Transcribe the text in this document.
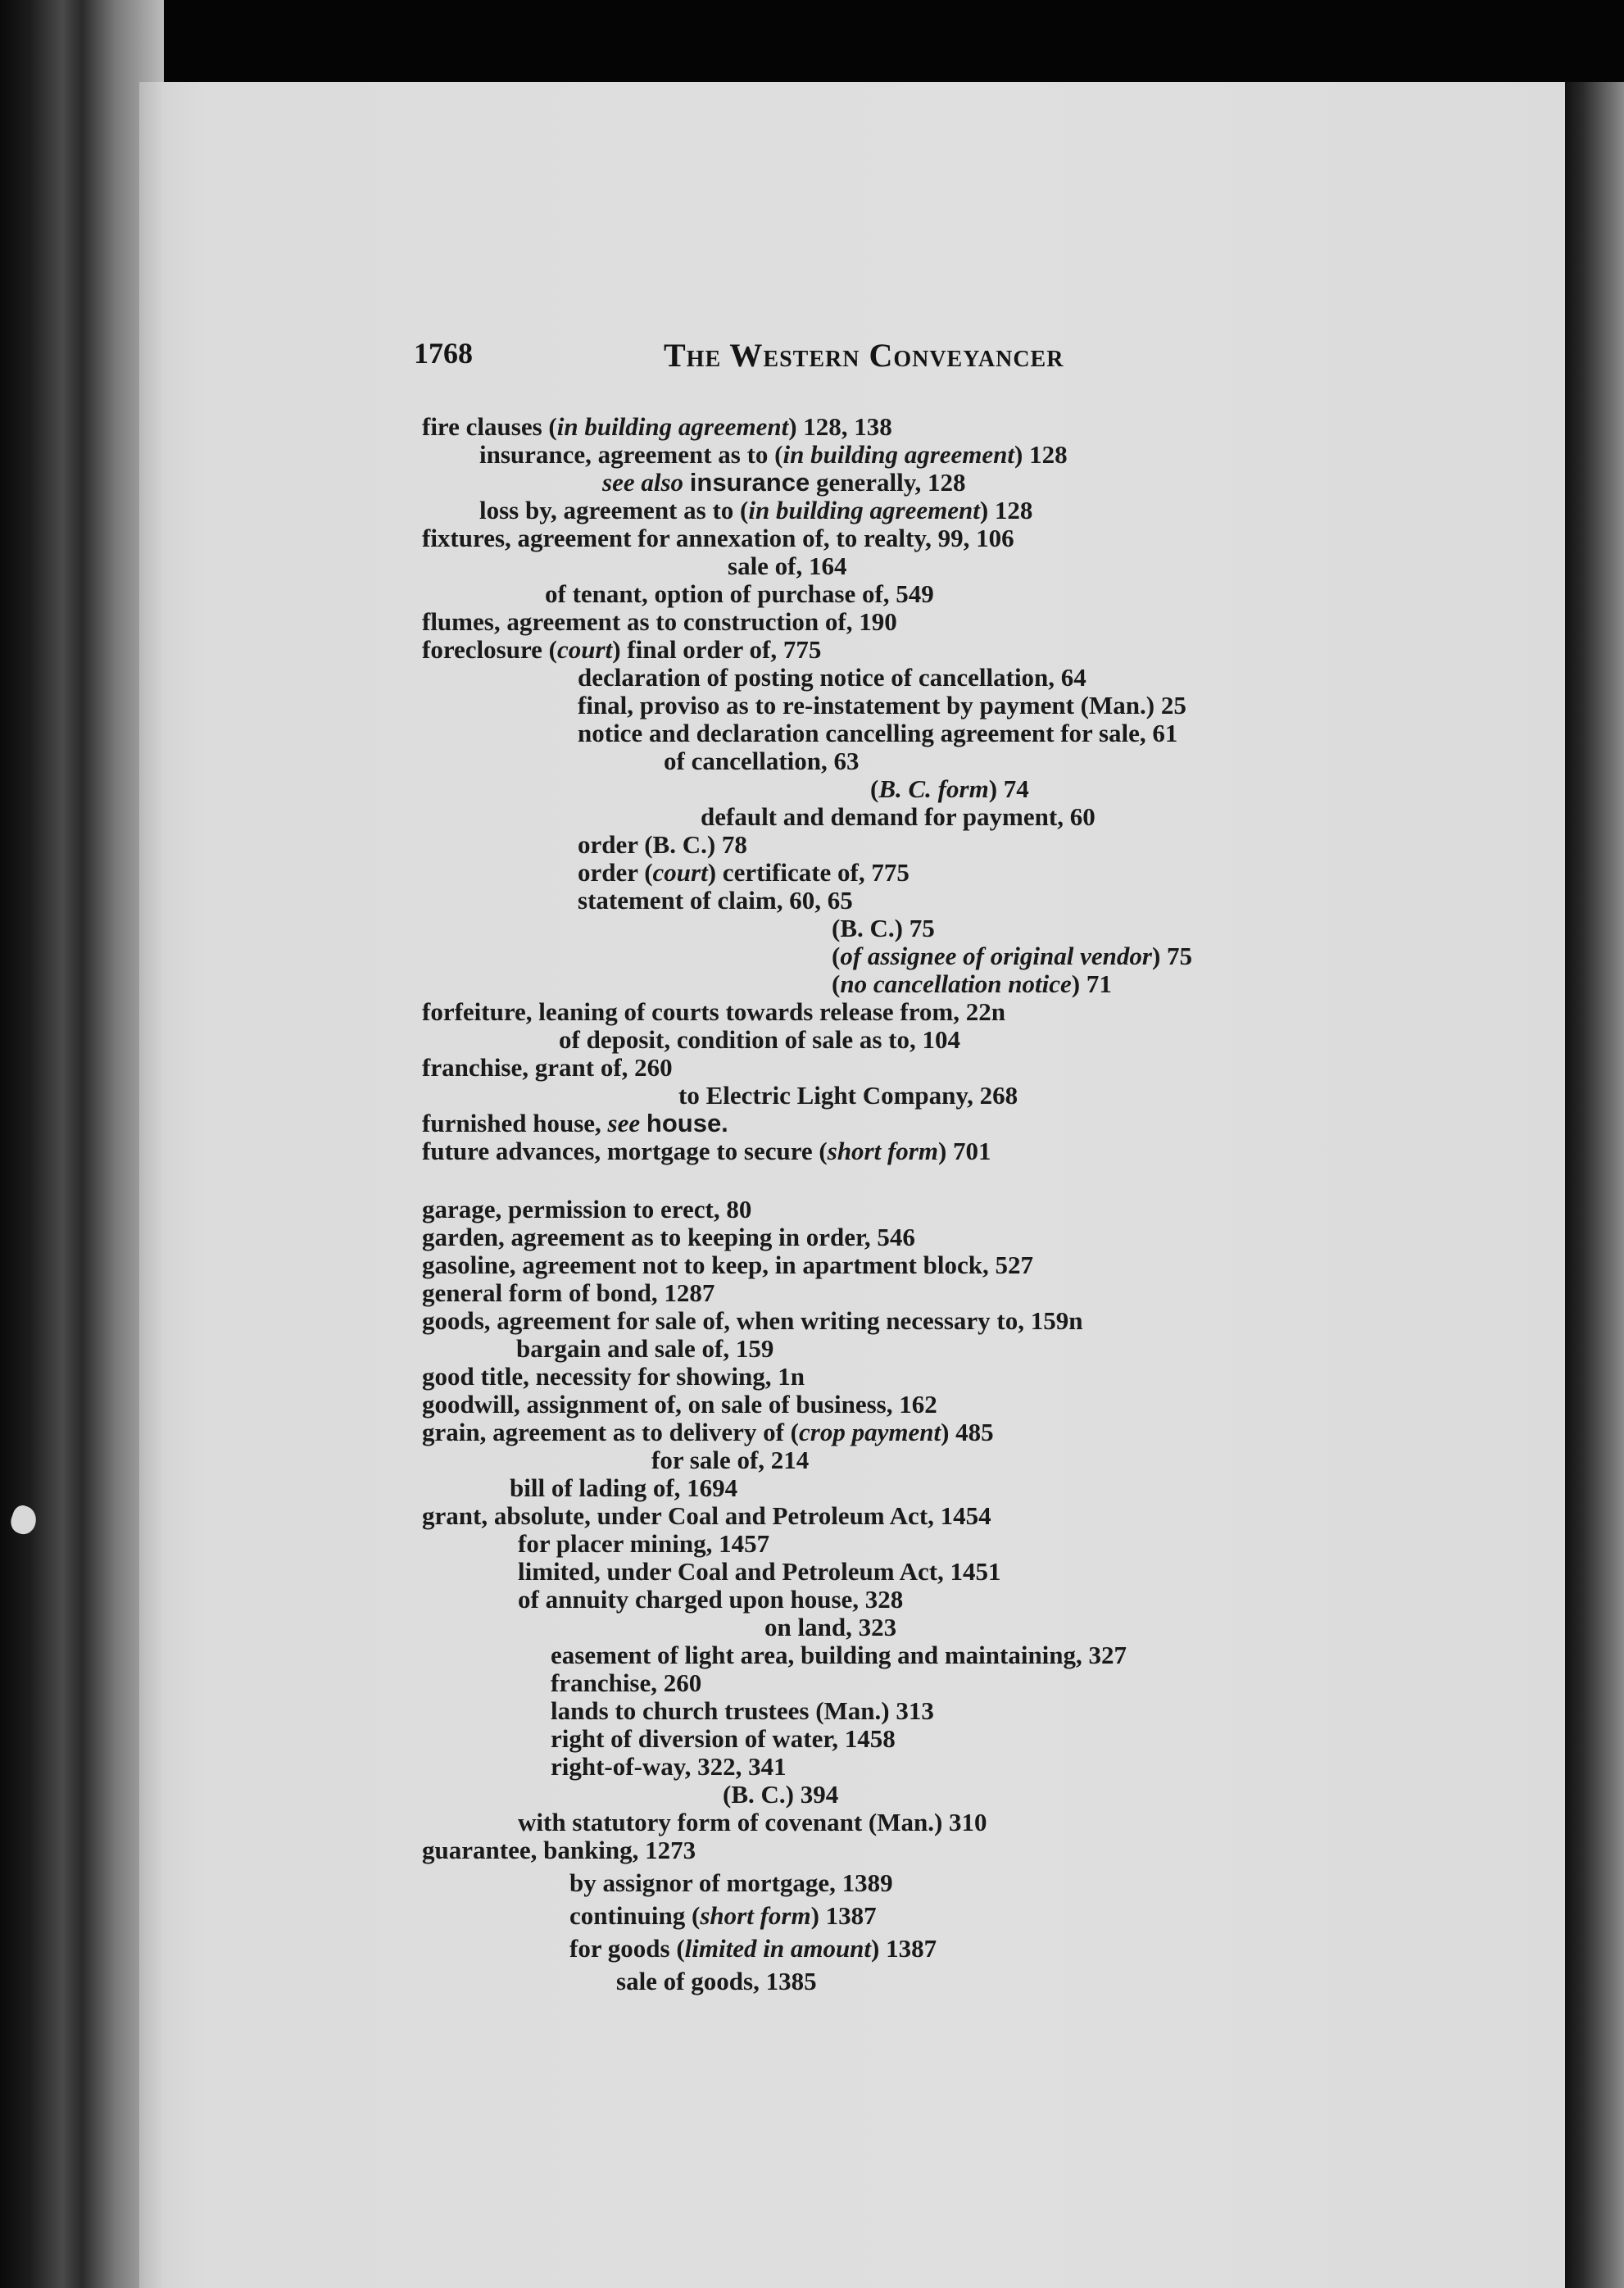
1768	The Western Conveyancer
fire clauses (in building agreement) 128, 138
insurance, agreement as to (in building agreement) 128
see also insurance generally, 128
loss by, agreement as to (in building agreement) 128
fixtures, agreement for annexation of, to realty, 99, 106
sale of, 164
of tenant, option of purchase of, 549
flumes, agreement as to construction of, 190
foreclosure (court) final order of, 775
declaration of posting notice of cancellation, 64
final, proviso as to re-instatement by payment (Man.) 25
notice and declaration cancelling agreement for sale, 61
of cancellation, 63
(B. C. form) 74
default and demand for payment, 60
order (B. C.) 78
order (court) certificate of, 775
statement of claim, 60, 65
(B. C.) 75
(of assignee of original vendor) 75
(no cancellation notice) 71
forfeiture, leaning of courts towards release from, 22n
of deposit, condition of sale as to, 104
franchise, grant of, 260
to Electric Light Company, 268
furnished house, see house.
future advances, mortgage to secure (short form) 701
garage, permission to erect, 80
garden, agreement as to keeping in order, 546
gasoline, agreement not to keep, in apartment block, 527
general form of bond, 1287
goods, agreement for sale of, when writing necessary to, 159n
bargain and sale of, 159
good title, necessity for showing, 1n
goodwill, assignment of, on sale of business, 162
grain, agreement as to delivery of (crop payment) 485
for sale of, 214
bill of lading of, 1694
grant, absolute, under Coal and Petroleum Act, 1454
for placer mining, 1457
limited, under Coal and Petroleum Act, 1451
of annuity charged upon house, 328
on land, 323
easement of light area, building and maintaining, 327
franchise, 260
lands to church trustees (Man.) 313
right of diversion of water, 1458
right-of-way, 322, 341
(B. C.) 394
with statutory form of covenant (Man.) 310
guarantee, banking, 1273
by assignor of mortgage, 1389
continuing (short form) 1387
for goods (limited in amount) 1387
sale of goods, 1385
